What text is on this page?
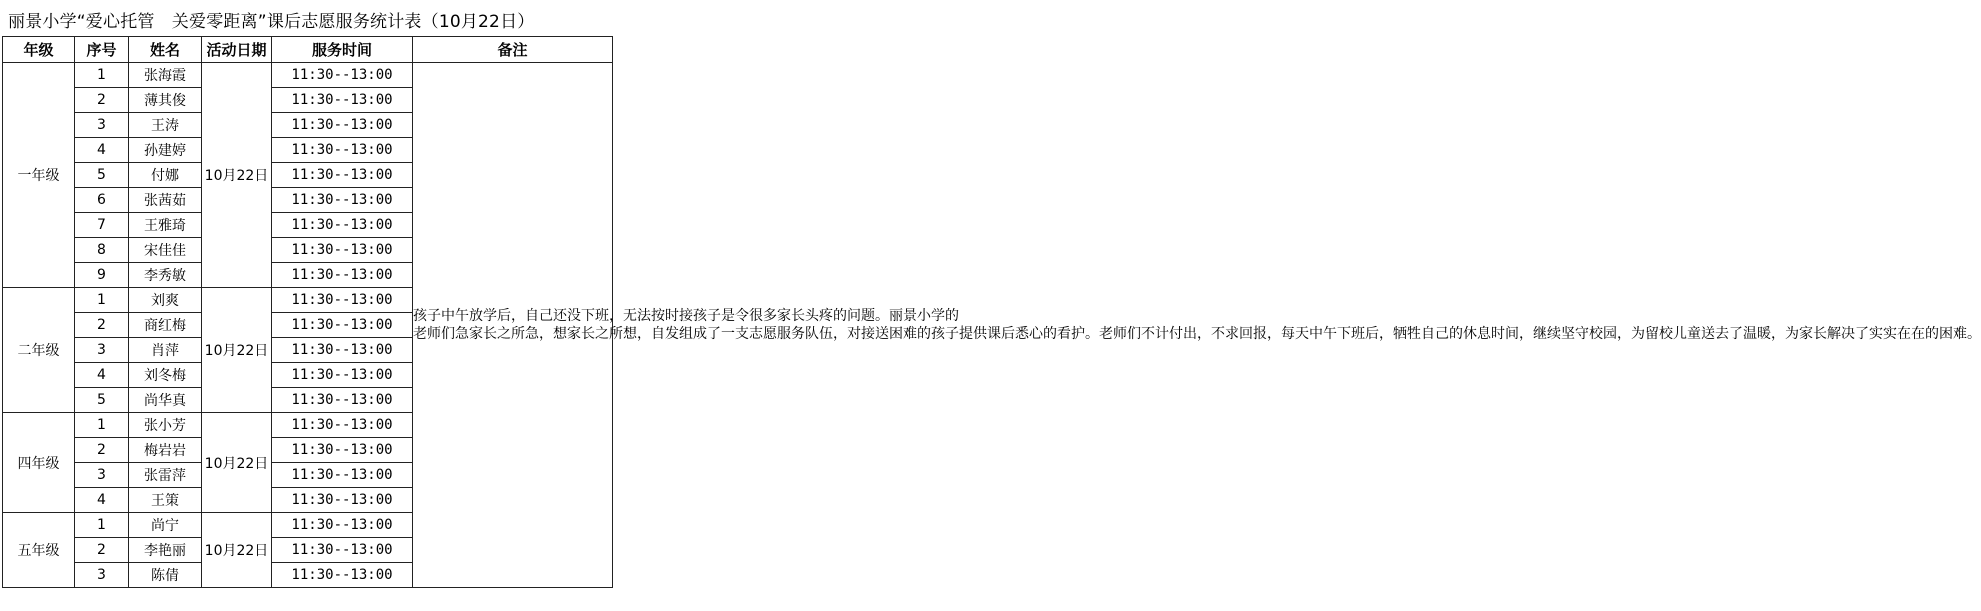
丽景小学“爱心托管　关爱零距离”课后志愿服务统计表（10月22日）
年级	序号	姓名	活动日期	服务时间	备注
一年级	1	张海霞	10月22日	11:30--13:00	孩子中午放学后，自己还没下班，无法按时接孩子是令很多家长头疼的问题。丽景小学的
老师们急家长之所急，想家长之所想，自发组成了一支志愿服务队伍，对接送困难的孩子提供课后悉心的看护。老师们不计付出，不求回报，每天中午下班后，牺牲自己的休息时间，继续坚守校园，为留校儿童送去了温暖，为家长解决了实实在在的困难。

	2	薄其俊		11:30--13:00	
	3	王涛		11:30--13:00	
	4	孙建婷		11:30--13:00	
	5	付娜		11:30--13:00	
	6	张茜茹		11:30--13:00	
	7	王雅琦		11:30--13:00	
	8	宋佳佳		11:30--13:00	
	9	李秀敏		11:30--13:00	
二年级	1	刘爽	10月22日	11:30--13:00	
	2	商红梅		11:30--13:00	
	3	肖萍		11:30--13:00	
	4	刘冬梅		11:30--13:00	
	5	尚华真		11:30--13:00	
四年级	1	张小芳	10月22日	11:30--13:00	
	2	梅岩岩		11:30--13:00	
	3	张雷萍		11:30--13:00	
	4	王策		11:30--13:00	
五年级	1	尚宁	10月22日	11:30--13:00	
	2	李艳丽		11:30--13:00	
	3	陈倩		11:30--13:00	
